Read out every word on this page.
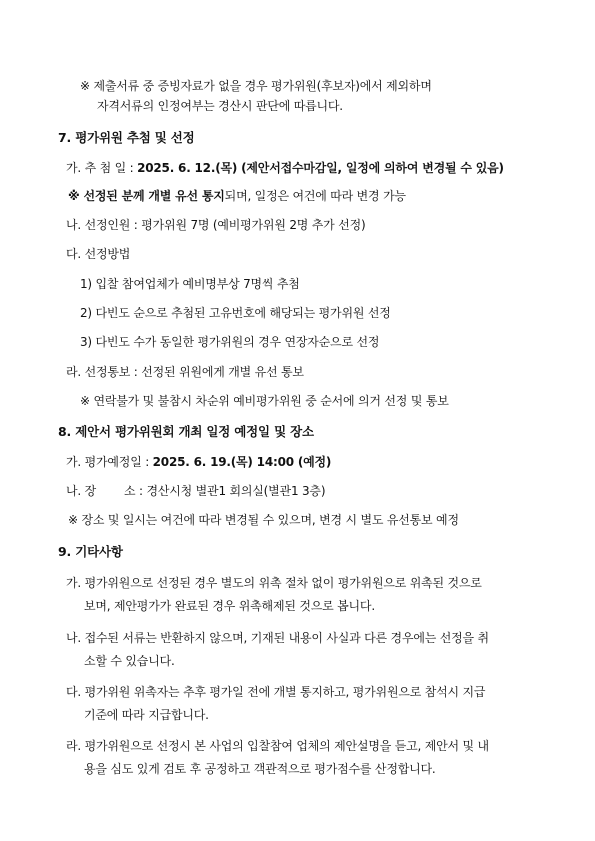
※ 제출서류 중 증빙자료가 없을 경우 평가위원(후보자)에서 제외하며
자격서류의 인정여부는 경산시 판단에 따릅니다.
7. 평가위원 추첨 및 선정
가. 추 첨 일 : 2025. 6. 12.(목) (제안서접수마감일, 일정에 의하여 변경될 수 있음)
※ 선정된 분께 개별 유선 통지되며, 일정은 여건에 따라 변경 가능
나. 선정인원 : 평가위원 7명 (예비평가위원 2명 추가 선정)
다. 선정방법
1) 입찰 참여업체가 예비명부상 7명씩 추첨
2) 다빈도 순으로 추첨된 고유번호에 해당되는 평가위원 선정
3) 다빈도 수가 동일한 평가위원의 경우 연장자순으로 선정
라. 선정통보 : 선정된 위원에게 개별 유선 통보
※ 연락불가 및 불참시 차순위 예비평가위원 중 순서에 의거 선정 및 통보
8. 제안서 평가위원회 개최 일정 예정일 및 장소
가. 평가예정일 : 2025. 6. 19.(목) 14:00 (예정)
나. 장 소 : 경산시청 별관1 회의실(별관1 3층)
※ 장소 및 일시는 여건에 따라 변경될 수 있으며, 변경 시 별도 유선통보 예정
9. 기타사항
가. 평가위원으로 선정된 경우 별도의 위촉 절차 없이 평가위원으로 위촉된 것으로
보며, 제안평가가 완료된 경우 위촉해제된 것으로 봅니다.
나. 접수된 서류는 반환하지 않으며, 기재된 내용이 사실과 다른 경우에는 선정을 취
소할 수 있습니다.
다. 평가위원 위촉자는 추후 평가일 전에 개별 통지하고, 평가위원으로 참석시 지급
기준에 따라 지급합니다.
라. 평가위원으로 선정시 본 사업의 입찰참여 업체의 제안설명을 듣고, 제안서 및 내
용을 심도 있게 검토 후 공정하고 객관적으로 평가점수를 산정합니다.
